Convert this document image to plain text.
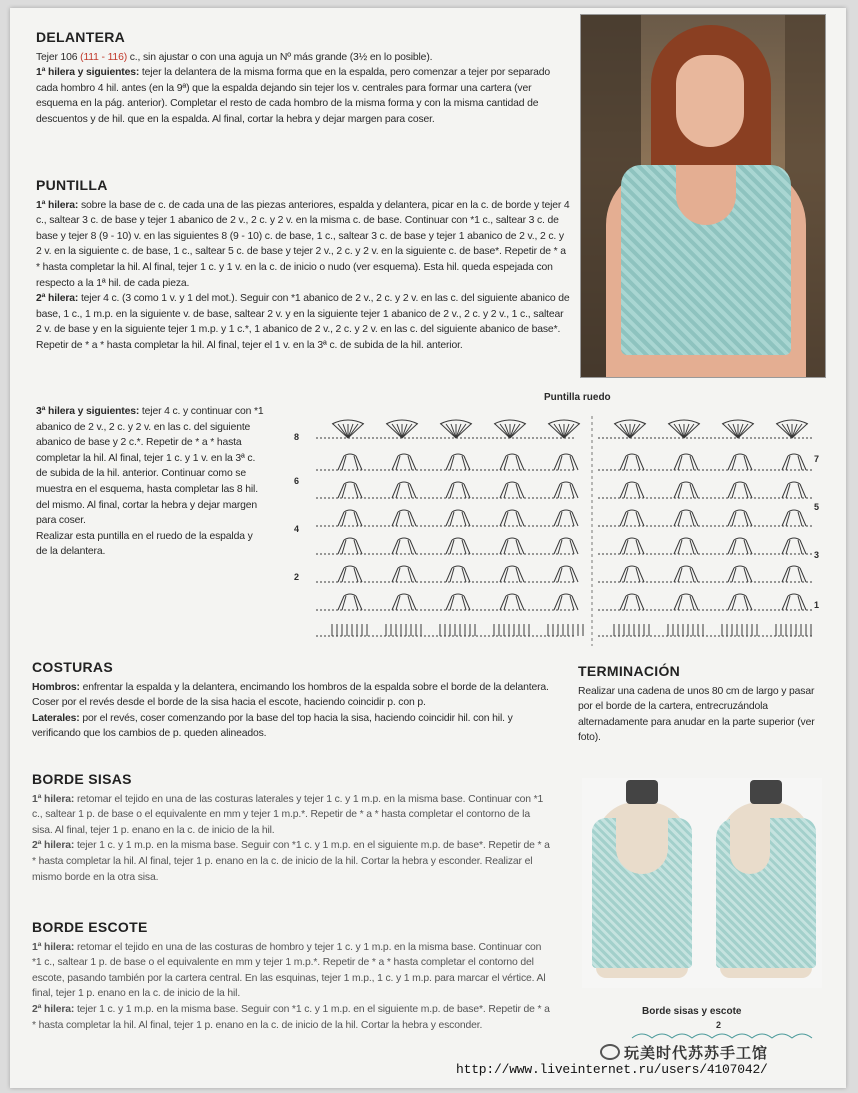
DELANTERA
Tejer 106 (111 - 116) c., sin ajustar o con una aguja un Nº más grande (3½ en lo posible).
1ª hilera y siguientes: tejer la delantera de la misma forma que en la espalda, pero comenzar a tejer por separado cada hombro 4 hil. antes (en la 9ª) que la espalda dejando sin tejer los v. centrales para formar una cartera (ver esquema en la pág. anterior). Completar el resto de cada hombro de la misma forma y con la misma cantidad de descuentos y de hil. que en la espalda. Al final, cortar la hebra y dejar margen para coser.
PUNTILLA
1ª hilera: sobre la base de c. de cada una de las piezas anteriores, espalda y delantera, picar en la c. de borde y tejer 4 c., saltear 3 c. de base y tejer 1 abanico de 2 v., 2 c. y 2 v. en la misma c. de base. Continuar con *1 c., saltear 3 c. de base y tejer 8 (9 - 10) v. en las siguientes 8 (9 - 10) c. de base, 1 c., saltear 3 c. de base y tejer 1 abanico de 2 v., 2 c. y 2 v. en la siguiente c. de base, 1 c., saltear 5 c. de base y tejer 2 v., 2 c. y 2 v. en la siguiente c. de base*. Repetir de * a * hasta completar la hil. Al final, tejer 1 c. y 1 v. en la c. de inicio o nudo (ver esquema). Esta hil. queda espejada con respecto a la 1ª hil. de cada pieza.
2ª hilera: tejer 4 c. (3 como 1 v. y 1 del mot.). Seguir con *1 abanico de 2 v., 2 c. y 2 v. en las c. del siguiente abanico de base, 1 c., 1 m.p. en la siguiente v. de base, saltear 2 v. y en la siguiente tejer 1 abanico de 2 v., 2 c. y 2 v., 1 c., saltear 2 v. de base y en la siguiente tejer 1 m.p. y 1 c.*, 1 abanico de 2 v., 2 c. y 2 v. en las c. del siguiente abanico de base*. Repetir de * a * hasta completar la hil. Al final, tejer el 1 v. en la 3ª c. de subida de la hil. anterior.
3ª hilera y siguientes: tejer 4 c. y continuar con *1 abanico de 2 v., 2 c. y 2 v. en las c. del siguiente abanico de base y 2 c.*. Repetir de * a * hasta completar la hil. Al final, tejer 1 c. y 1 v. en la 3ª c. de subida de la hil. anterior. Continuar como se muestra en el esquema, hasta completar las 8 hil. del mismo. Al final, cortar la hebra y dejar margen para coser.
Realizar esta puntilla en el ruedo de la espalda y de la delantera.
Puntilla ruedo
8
6
4
2
7
5
3
1
COSTURAS
Hombros: enfrentar la espalda y la delantera, encimando los hombros de la espalda sobre el borde de la delantera. Coser por el revés desde el borde de la sisa hacia el escote, haciendo coincidir p. con p.
Laterales: por el revés, coser comenzando por la base del top hacia la sisa, haciendo coincidir hil. con hil. y verificando que los cambios de p. queden alineados.
TERMINACIÓN
Realizar una cadena de unos 80 cm de largo y pasar por el borde de la cartera, entrecruzándola alternadamente para anudar en la parte superior (ver foto).
BORDE SISAS
1ª hilera: retomar el tejido en una de las costuras laterales y tejer 1 c. y 1 m.p. en la misma base. Continuar con *1 c., saltear 1 p. de base o el equivalente en mm y tejer 1 m.p.*. Repetir de * a * hasta completar el contorno de la sisa. Al final, tejer 1 p. enano en la c. de inicio de la hil.
2ª hilera: tejer 1 c. y 1 m.p. en la misma base. Seguir con *1 c. y 1 m.p. en el siguiente m.p. de base*. Repetir de * a * hasta completar la hil. Al final, tejer 1 p. enano en la c. de inicio de la hil. Cortar la hebra y esconder. Realizar el mismo borde en la otra sisa.
BORDE ESCOTE
1ª hilera: retomar el tejido en una de las costuras de hombro y tejer 1 c. y 1 m.p. en la misma base. Continuar con *1 c., saltear 1 p. de base o el equivalente en mm y tejer 1 m.p.*. Repetir de * a * hasta completar el contorno del escote, pasando también por la cartera central. En las esquinas, tejer 1 m.p., 1 c. y 1 m.p. para marcar el vértice. Al final, tejer 1 p. enano en la c. de inicio de la hil.
2ª hilera: tejer 1 c. y 1 m.p. en la misma base. Seguir con *1 c. y 1 m.p. en el siguiente m.p. de base*. Repetir de * a * hasta completar la hil. Al final, tejer 1 p. enano en la c. de inicio de la hil. Cortar la hebra y esconder.
Borde sisas y escote
2
玩美时代苏苏手工馆
http://www.liveinternet.ru/users/4107042/
